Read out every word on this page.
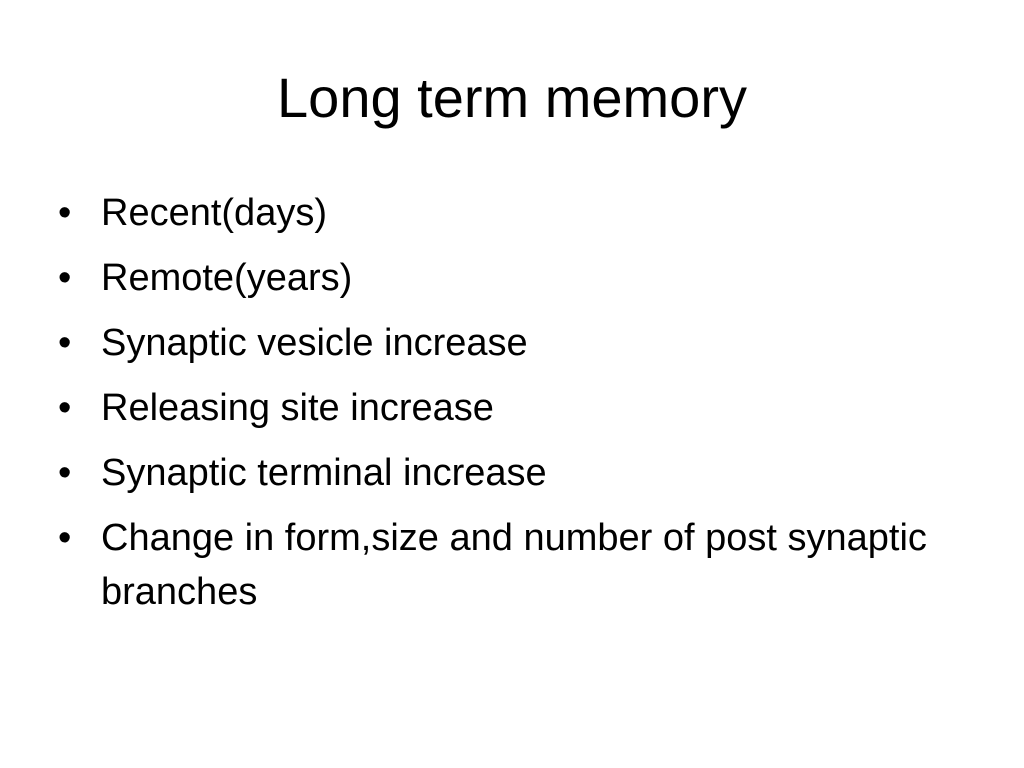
Long term memory
• Recent(days)
• Remote(years)
• Synaptic vesicle increase
• Releasing site increase
• Synaptic terminal increase
• Change in form,size and number of post synaptic branches
